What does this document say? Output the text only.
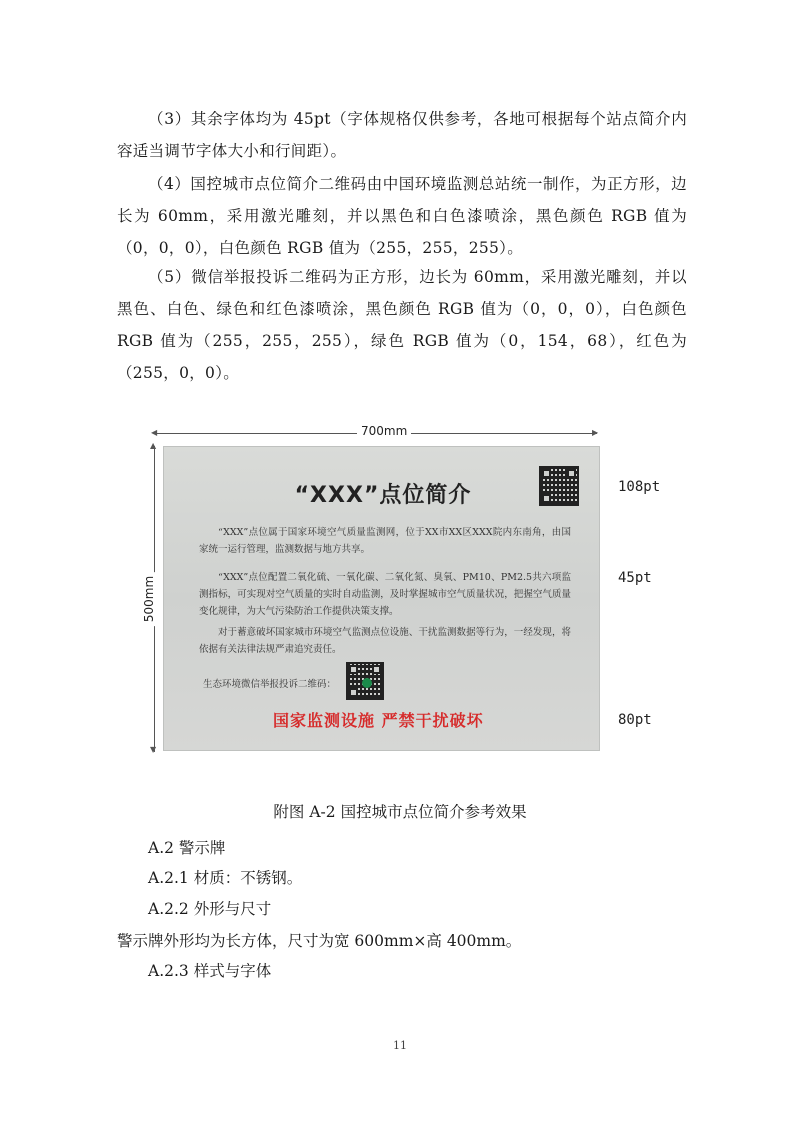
（3）其余字体均为 45pt（字体规格仅供参考，各地可根据每个站点简介内容适当调节字体大小和行间距）。

（4）国控城市点位简介二维码由中国环境监测总站统一制作，为正方形，边长为 60mm，采用激光雕刻，并以黑色和白色漆喷涂，黑色颜色 RGB 值为（0，0，0），白色颜色 RGB 值为（255，255，255）。

（5）微信举报投诉二维码为正方形，边长为 60mm，采用激光雕刻，并以黑色、白色、绿色和红色漆喷涂，黑色颜色 RGB 值为（0，0，0），白色颜色 RGB 值为（255，255，255），绿色 RGB 值为（0，154，68），红色为（255，0，0）。

◀	▶
700mm
▲
▼
500mm
“XXX”点位简介

“XXX”点位属于国家环境空气质量监测网，位于XX市XX区XXX院内东南角，由国家统一运行管理，监测数据与地方共享。

“XXX”点位配置二氧化硫、一氧化碳、二氧化氮、臭氧、PM10、PM2.5共六项监测指标，可实现对空气质量的实时自动监测，及时掌握城市空气质量状况，把握空气质量变化规律，为大气污染防治工作提供决策支撑。

对于蓄意破坏国家城市环境空气监测点位设施、干扰监测数据等行为，一经发现，将依据有关法律法规严肃追究责任。

生态环境微信举报投诉二维码：
国家监测设施 严禁干扰破坏
108pt
45pt
80pt
附图 A-2 国控城市点位简介参考效果
A.2 警示牌
A.2.1 材质：不锈钢。
A.2.2 外形与尺寸
警示牌外形均为长方体，尺寸为宽 600mm×高 400mm。
A.2.3 样式与字体
11
